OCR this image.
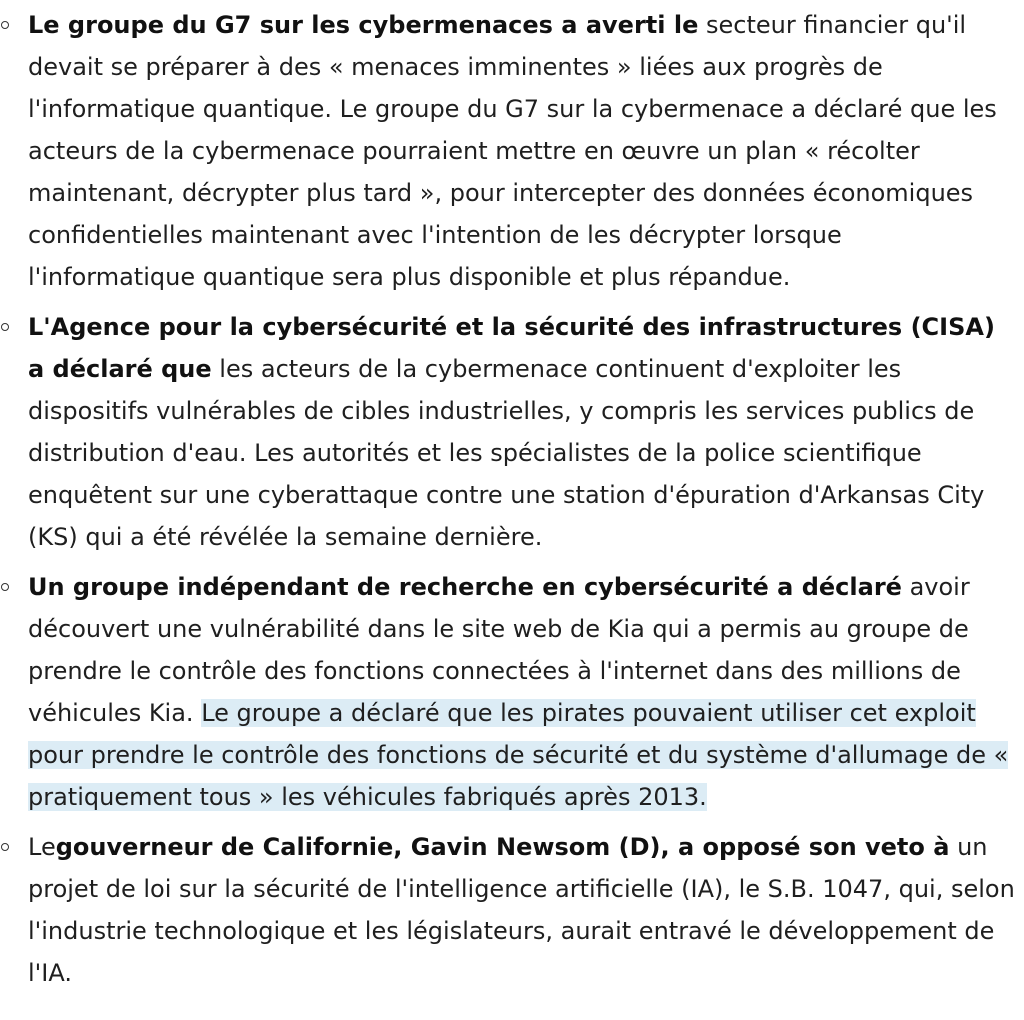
Le groupe du G7 sur les cybermenaces a averti le secteur financier qu'il devait se préparer à des « menaces imminentes » liées aux progrès de l'informatique quantique. Le groupe du G7 sur la cybermenace a déclaré que les acteurs de la cybermenace pourraient mettre en œuvre un plan « récolter maintenant, décrypter plus tard », pour intercepter des données économiques confidentielles maintenant avec l'intention de les décrypter lorsque l'informatique quantique sera plus disponible et plus répandue.
L'Agence pour la cybersécurité et la sécurité des infrastructures (CISA) a déclaré que les acteurs de la cybermenace continuent d'exploiter les dispositifs vulnérables de cibles industrielles, y compris les services publics de distribution d'eau. Les autorités et les spécialistes de la police scientifique enquêtent sur une cyberattaque contre une station d'épuration d'Arkansas City (KS) qui a été révélée la semaine dernière.
Un groupe indépendant de recherche en cybersécurité a déclaré avoir découvert une vulnérabilité dans le site web de Kia qui a permis au groupe de prendre le contrôle des fonctions connectées à l'internet dans des millions de véhicules Kia. Le groupe a déclaré que les pirates pouvaient utiliser cet exploit pour prendre le contrôle des fonctions de sécurité et du système d'allumage de « pratiquement tous » les véhicules fabriqués après 2013.
Legouverneur de Californie, Gavin Newsom (D), a opposé son veto à un projet de loi sur la sécurité de l'intelligence artificielle (IA), le S.B. 1047, qui, selon l'industrie technologique et les législateurs, aurait entravé le développement de l'IA.
